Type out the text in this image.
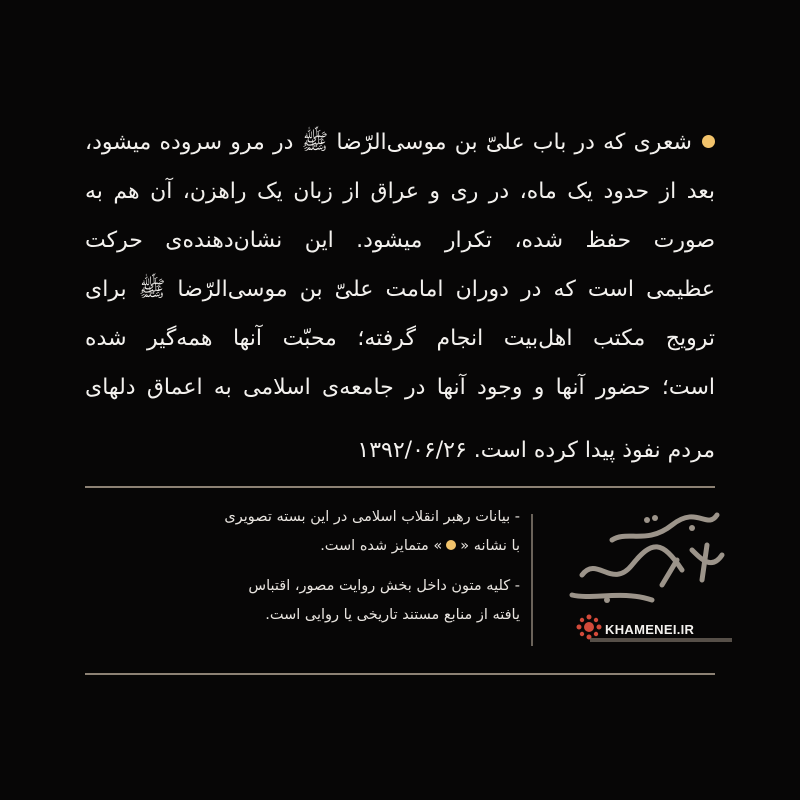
شعری که در باب علیّ بن موسی‌الرّضا ﷺ در مرو سروده میشود،
بعد از حدود یک ماه، در ری و عراق از زبان یک راهزن، آن هم به
صورت حفظ شده، تکرار میشود. این نشان‌دهنده‌ی حرکت
عظیمی است که در دوران امامت علیّ بن موسی‌الرّضا ﷺ برای
ترویج مکتب اهل‌بیت انجام گرفته؛ محبّت آنها همه‌گیر شده
است؛ حضور آنها و وجود آنها در جامعه‌ی اسلامی به اعماق دلهای
مردم نفوذ پیدا کرده است. ۱۳۹۲/۰۶/۲۶
- بیانات رهبر انقلاب اسلامی در این بسته تصویری
با نشانه «» متمایز شده است.
- کلیه متون داخل بخش روایت مصور، اقتباس یافته از منابع مستند تاریخی یا روایی است.
KHAMENEI.IR
